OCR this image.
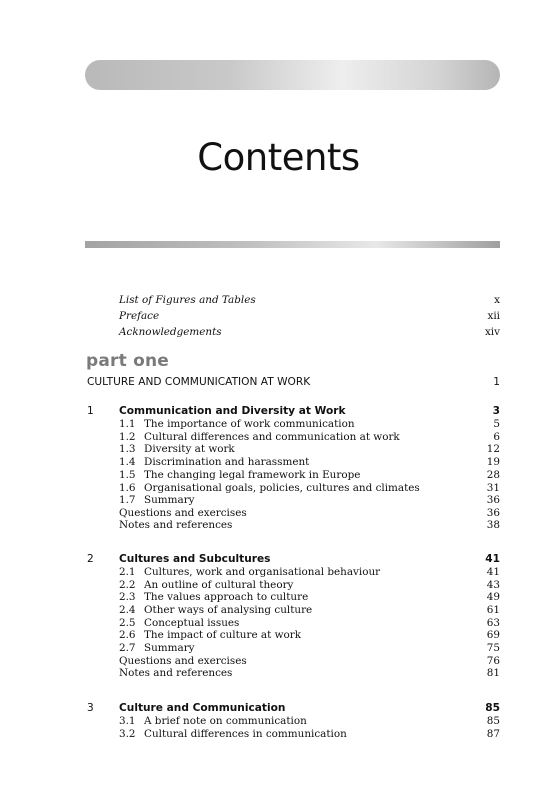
Contents
List of Figures and Tables	x
Preface	xii
Acknowledgements	xiv
part one
CULTURE AND COMMUNICATION AT WORK	1
1 Communication and Diversity at Work	3
1.1 The importance of work communication	5
1.2 Cultural differences and communication at work	6
1.3 Diversity at work	12
1.4 Discrimination and harassment	19
1.5 The changing legal framework in Europe	28
1.6 Organisational goals, policies, cultures and climates	31
1.7 Summary	36
Questions and exercises	36
Notes and references	38
2 Cultures and Subcultures	41
2.1 Cultures, work and organisational behaviour	41
2.2 An outline of cultural theory	43
2.3 The values approach to culture	49
2.4 Other ways of analysing culture	61
2.5 Conceptual issues	63
2.6 The impact of culture at work	69
2.7 Summary	75
Questions and exercises	76
Notes and references	81
3 Culture and Communication	85
3.1 A brief note on communication	85
3.2 Cultural differences in communication	87
